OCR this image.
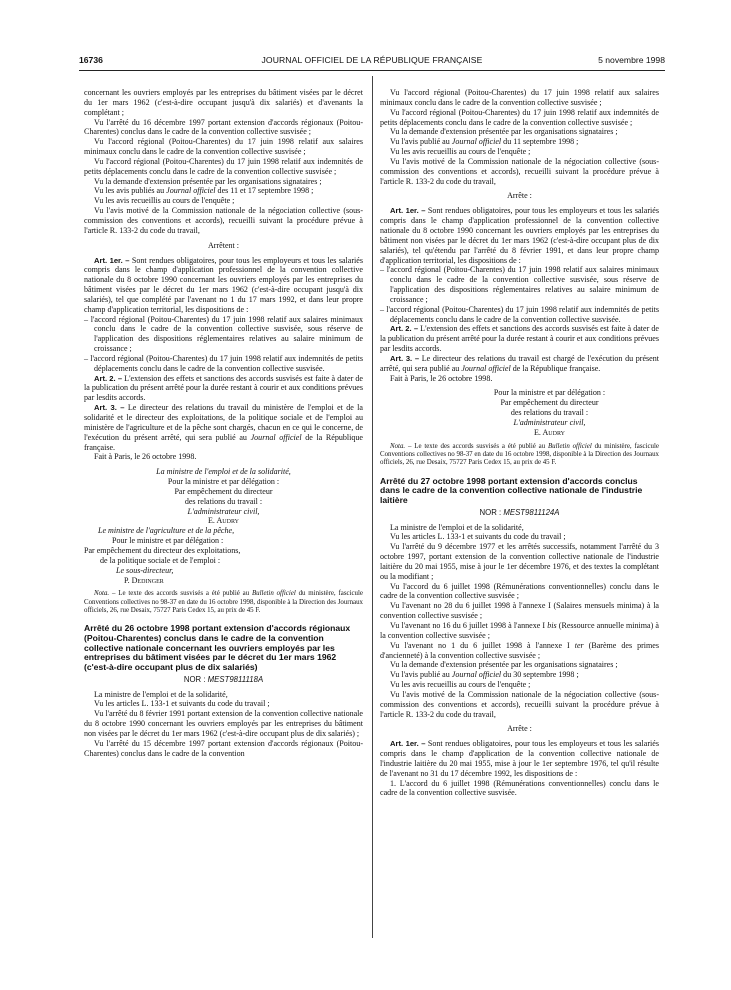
16736	JOURNAL OFFICIEL DE LA RÉPUBLIQUE FRANÇAISE	5 novembre 1998

concernant les ouvriers employés par les entreprises du bâtiment visées par le décret du 1er mars 1962 (c'est-à-dire occupant jusqu'à dix salariés) et d'avenants la complétant ;

Vu l'arrêté du 16 décembre 1997 portant extension d'accords régionaux (Poitou-Charentes) conclus dans le cadre de la convention collective susvisée ;

Vu l'accord régional (Poitou-Charentes) du 17 juin 1998 relatif aux salaires minimaux conclu dans le cadre de la convention collective susvisée ;

Vu l'accord régional (Poitou-Charentes) du 17 juin 1998 relatif aux indemnités de petits déplacements conclu dans le cadre de la convention collective susvisée ;

Vu la demande d'extension présentée par les organisations signataires ;

Vu les avis publiés au Journal officiel des 11 et 17 septembre 1998 ;

Vu les avis recueillis au cours de l'enquête ;

Vu l'avis motivé de la Commission nationale de la négociation collective (sous-commission des conventions et accords), recueilli suivant la procédure prévue à l'article R. 133-2 du code du travail,

Arrêtent :

Art. 1er. – Sont rendues obligatoires, pour tous les employeurs et tous les salariés compris dans le champ d'application professionnel de la convention collective nationale du 8 octobre 1990 concernant les ouvriers employés par les entreprises du bâtiment visées par le décret du 1er mars 1962 (c'est-à-dire occupant jusqu'à dix salariés), tel que complété par l'avenant no 1 du 17 mars 1992, et dans leur propre champ d'application territorial, les dispositions de :

– l'accord régional (Poitou-Charentes) du 17 juin 1998 relatif aux salaires minimaux conclu dans le cadre de la convention collective susvisée, sous réserve de l'application des dispositions réglementaires relatives au salaire minimum de croissance ;

– l'accord régional (Poitou-Charentes) du 17 juin 1998 relatif aux indemnités de petits déplacements conclu dans le cadre de la convention collective susvisée.

Art. 2. – L'extension des effets et sanctions des accords susvisés est faite à dater de la publication du présent arrêté pour la durée restant à courir et aux conditions prévues par lesdits accords.

Art. 3. – Le directeur des relations du travail du ministère de l'emploi et de la solidarité et le directeur des exploitations, de la politique sociale et de l'emploi au ministère de l'agriculture et de la pêche sont chargés, chacun en ce qui le concerne, de l'exécution du présent arrêté, qui sera publié au Journal officiel de la République française.

Fait à Paris, le 26 octobre 1998.

La ministre de l'emploi et de la solidarité,

Pour la ministre et par délégation :

Par empêchement du directeur

des relations du travail :

L'administrateur civil,

E. Audry

Le ministre de l'agriculture et de la pêche,

Pour le ministre et par délégation :

Par empêchement du directeur des exploitations,

de la politique sociale et de l'emploi :

Le sous-directeur,

P. Dedinger

Nota. – Le texte des accords susvisés a été publié au Bulletin officiel du ministère, fascicule Conventions collectives no 98-37 en date du 16 octobre 1998, disponible à la Direction des Journaux officiels, 26, rue Desaix, 75727 Paris Cedex 15, au prix de 45 F.

Arrêté du 26 octobre 1998 portant extension d'accords régionaux (Poitou-Charentes) conclus dans le cadre de la convention collective nationale concernant les ouvriers employés par les entreprises du bâtiment visées par le décret du 1er mars 1962 (c'est-à-dire occupant plus de dix salariés)

NOR : MESТ9811118A

La ministre de l'emploi et de la solidarité,

Vu les articles L. 133-1 et suivants du code du travail ;

Vu l'arrêté du 8 février 1991 portant extension de la convention collective nationale du 8 octobre 1990 concernant les ouvriers employés par les entreprises du bâtiment non visées par le décret du 1er mars 1962 (c'est-à-dire occupant plus de dix salariés) ;

Vu l'arrêté du 15 décembre 1997 portant extension d'accords régionaux (Poitou-Charentes) conclus dans le cadre de la convention

Vu l'accord régional (Poitou-Charentes) du 17 juin 1998 relatif aux salaires minimaux conclu dans le cadre de la convention collective susvisée ;

Vu l'accord régional (Poitou-Charentes) du 17 juin 1998 relatif aux indemnités de petits déplacements conclu dans le cadre de la convention collective susvisée ;

Vu la demande d'extension présentée par les organisations signataires ;

Vu l'avis publié au Journal officiel du 11 septembre 1998 ;

Vu les avis recueillis au cours de l'enquête ;

Vu l'avis motivé de la Commission nationale de la négociation collective (sous-commission des conventions et accords), recueilli suivant la procédure prévue à l'article R. 133-2 du code du travail,

Arrête :

Art. 1er. – Sont rendues obligatoires, pour tous les employeurs et tous les salariés compris dans le champ d'application professionnel de la convention collective nationale du 8 octobre 1990 concernant les ouvriers employés par les entreprises du bâtiment non visées par le décret du 1er mars 1962 (c'est-à-dire occupant plus de dix salariés), tel qu'étendu par l'arrêté du 8 février 1991, et dans leur propre champ d'application territorial, les dispositions de :

– l'accord régional (Poitou-Charentes) du 17 juin 1998 relatif aux salaires minimaux conclu dans le cadre de la convention collective susvisée, sous réserve de l'application des dispositions réglementaires relatives au salaire minimum de croissance ;

– l'accord régional (Poitou-Charentes) du 17 juin 1998 relatif aux indemnités de petits déplacements conclu dans le cadre de la convention collective susvisée.

Art. 2. – L'extension des effets et sanctions des accords susvisés est faite à dater de la publication du présent arrêté pour la durée restant à courir et aux conditions prévues par lesdits accords.

Art. 3. – Le directeur des relations du travail est chargé de l'exécution du présent arrêté, qui sera publié au Journal officiel de la République française.

Fait à Paris, le 26 octobre 1998.

Pour la ministre et par délégation :

Par empêchement du directeur

des relations du travail :

L'administrateur civil,

E. Audry

Nota. – Le texte des accords susvisés a été publié au Bulletin officiel du ministère, fascicule Conventions collectives no 98-37 en date du 16 octobre 1998, disponible à la Direction des Journaux officiels, 26, rue Desaix, 75727 Paris Cedex 15, au prix de 45 F.

Arrêté du 27 octobre 1998 portant extension d'accords conclus dans le cadre de la convention collective nationale de l'industrie laitière

NOR : MEST9811124A

La ministre de l'emploi et de la solidarité,

Vu les articles L. 133-1 et suivants du code du travail ;

Vu l'arrêté du 9 décembre 1977 et les arrêtés successifs, notamment l'arrêté du 3 octobre 1997, portant extension de la convention collective nationale de l'industrie laitière du 20 mai 1955, mise à jour le 1er décembre 1976, et des textes la complétant ou la modifiant ;

Vu l'accord du 6 juillet 1998 (Rémunérations conventionnelles) conclu dans le cadre de la convention collective susvisée ;

Vu l'avenant no 28 du 6 juillet 1998 à l'annexe I (Salaires mensuels minima) à la convention collective susvisée ;

Vu l'avenant no 16 du 6 juillet 1998 à l'annexe I bis (Ressource annuelle minima) à la convention collective susvisée ;

Vu l'avenant no 1 du 6 juillet 1998 à l'annexe I ter (Barème des primes d'ancienneté) à la convention collective susvisée ;

Vu la demande d'extension présentée par les organisations signataires ;

Vu l'avis publié au Journal officiel du 30 septembre 1998 ;

Vu les avis recueillis au cours de l'enquête ;

Vu l'avis motivé de la Commission nationale de la négociation collective (sous-commission des conventions et accords), recueilli suivant la procédure prévue à l'article R. 133-2 du code du travail,

Arrête :

Art. 1er. – Sont rendues obligatoires, pour tous les employeurs et tous les salariés compris dans le champ d'application de la convention collective nationale de l'industrie laitière du 20 mai 1955, mise à jour le 1er septembre 1976, tel qu'il résulte de l'avenant no 31 du 17 décembre 1992, les dispositions de :

1. L'accord du 6 juillet 1998 (Rémunérations conventionnelles) conclu dans le cadre de la convention collective susvisée.
